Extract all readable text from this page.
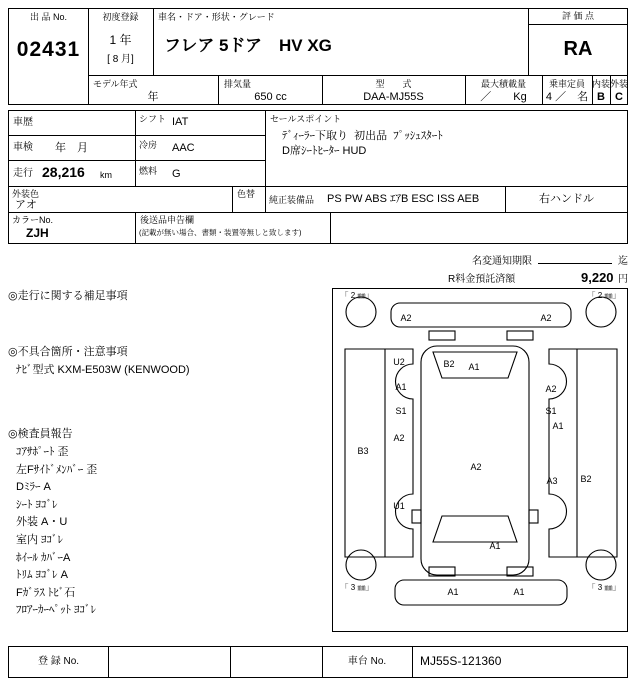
出 品 No.
02431
初度登録
1 年
[ 8 月]
車名・ドア・形状・グレード
フレア 5ドア　HV XG
評 価 点
RA
モデル年式
年
排気量
650 cc
型　　式
DAA-MJ55S
最大積載量
／　　Kg
乗車定員
4 ／　名
内装
B
外装
C
車歴	シフト IAT	セールスポイント
ﾃﾞｨｰﾗｰ下取り  初出品  ﾌﾟｯｼｭｽﾀｰﾄ
D席ｼｰﾄﾋｰﾀｰ HUD
車検 年　月	冷房 AAC
走行 28,216 km	燃料 G
外装色
アオ
色替
純正装備品 PS PW ABS ｴｱB ESC ISS AEB	右ハンドル
カラーNo.
ZJH
後送品申告欄
(記載が無い場合、書類・装置等無しと致します)
名変通知期限	迄
R料金預託済額	9,220 円
◎走行に関する補足事項
◎不具合箇所・注意事項
ﾅﾋﾞ型式 KXM-E503W (KENWOOD)
◎検査員報告
ｺｱｻﾎﾟｰﾄ 歪
左Fｻｲﾄﾞﾒﾝﾊﾞｰ 歪
Dﾐﾗｰ A
ｼｰﾄ ﾖｺﾞﾚ
外装 A・U
室内 ﾖｺﾞﾚ
ﾎｲｰﾙ ｶﾊﾞｰA
ﾄﾘﾑ ﾖｺﾞﾚ A
Fｶﾞﾗｽ ﾄﾋﾞ石
ﾌﾛｱｰｶｰﾍﾟｯﾄ ﾖｺﾞﾚ
「 2 ㎜」	「 2 ㎜」
「 3 ㎜」	「 3 ㎜」
A2	A2
U2	B2 A1
A1	A2
S1	S1
A1
A2
B3
A2
A3	B2
U1
A1
A1	A1
登 録 No.	車台 No.	MJ55S-121360
